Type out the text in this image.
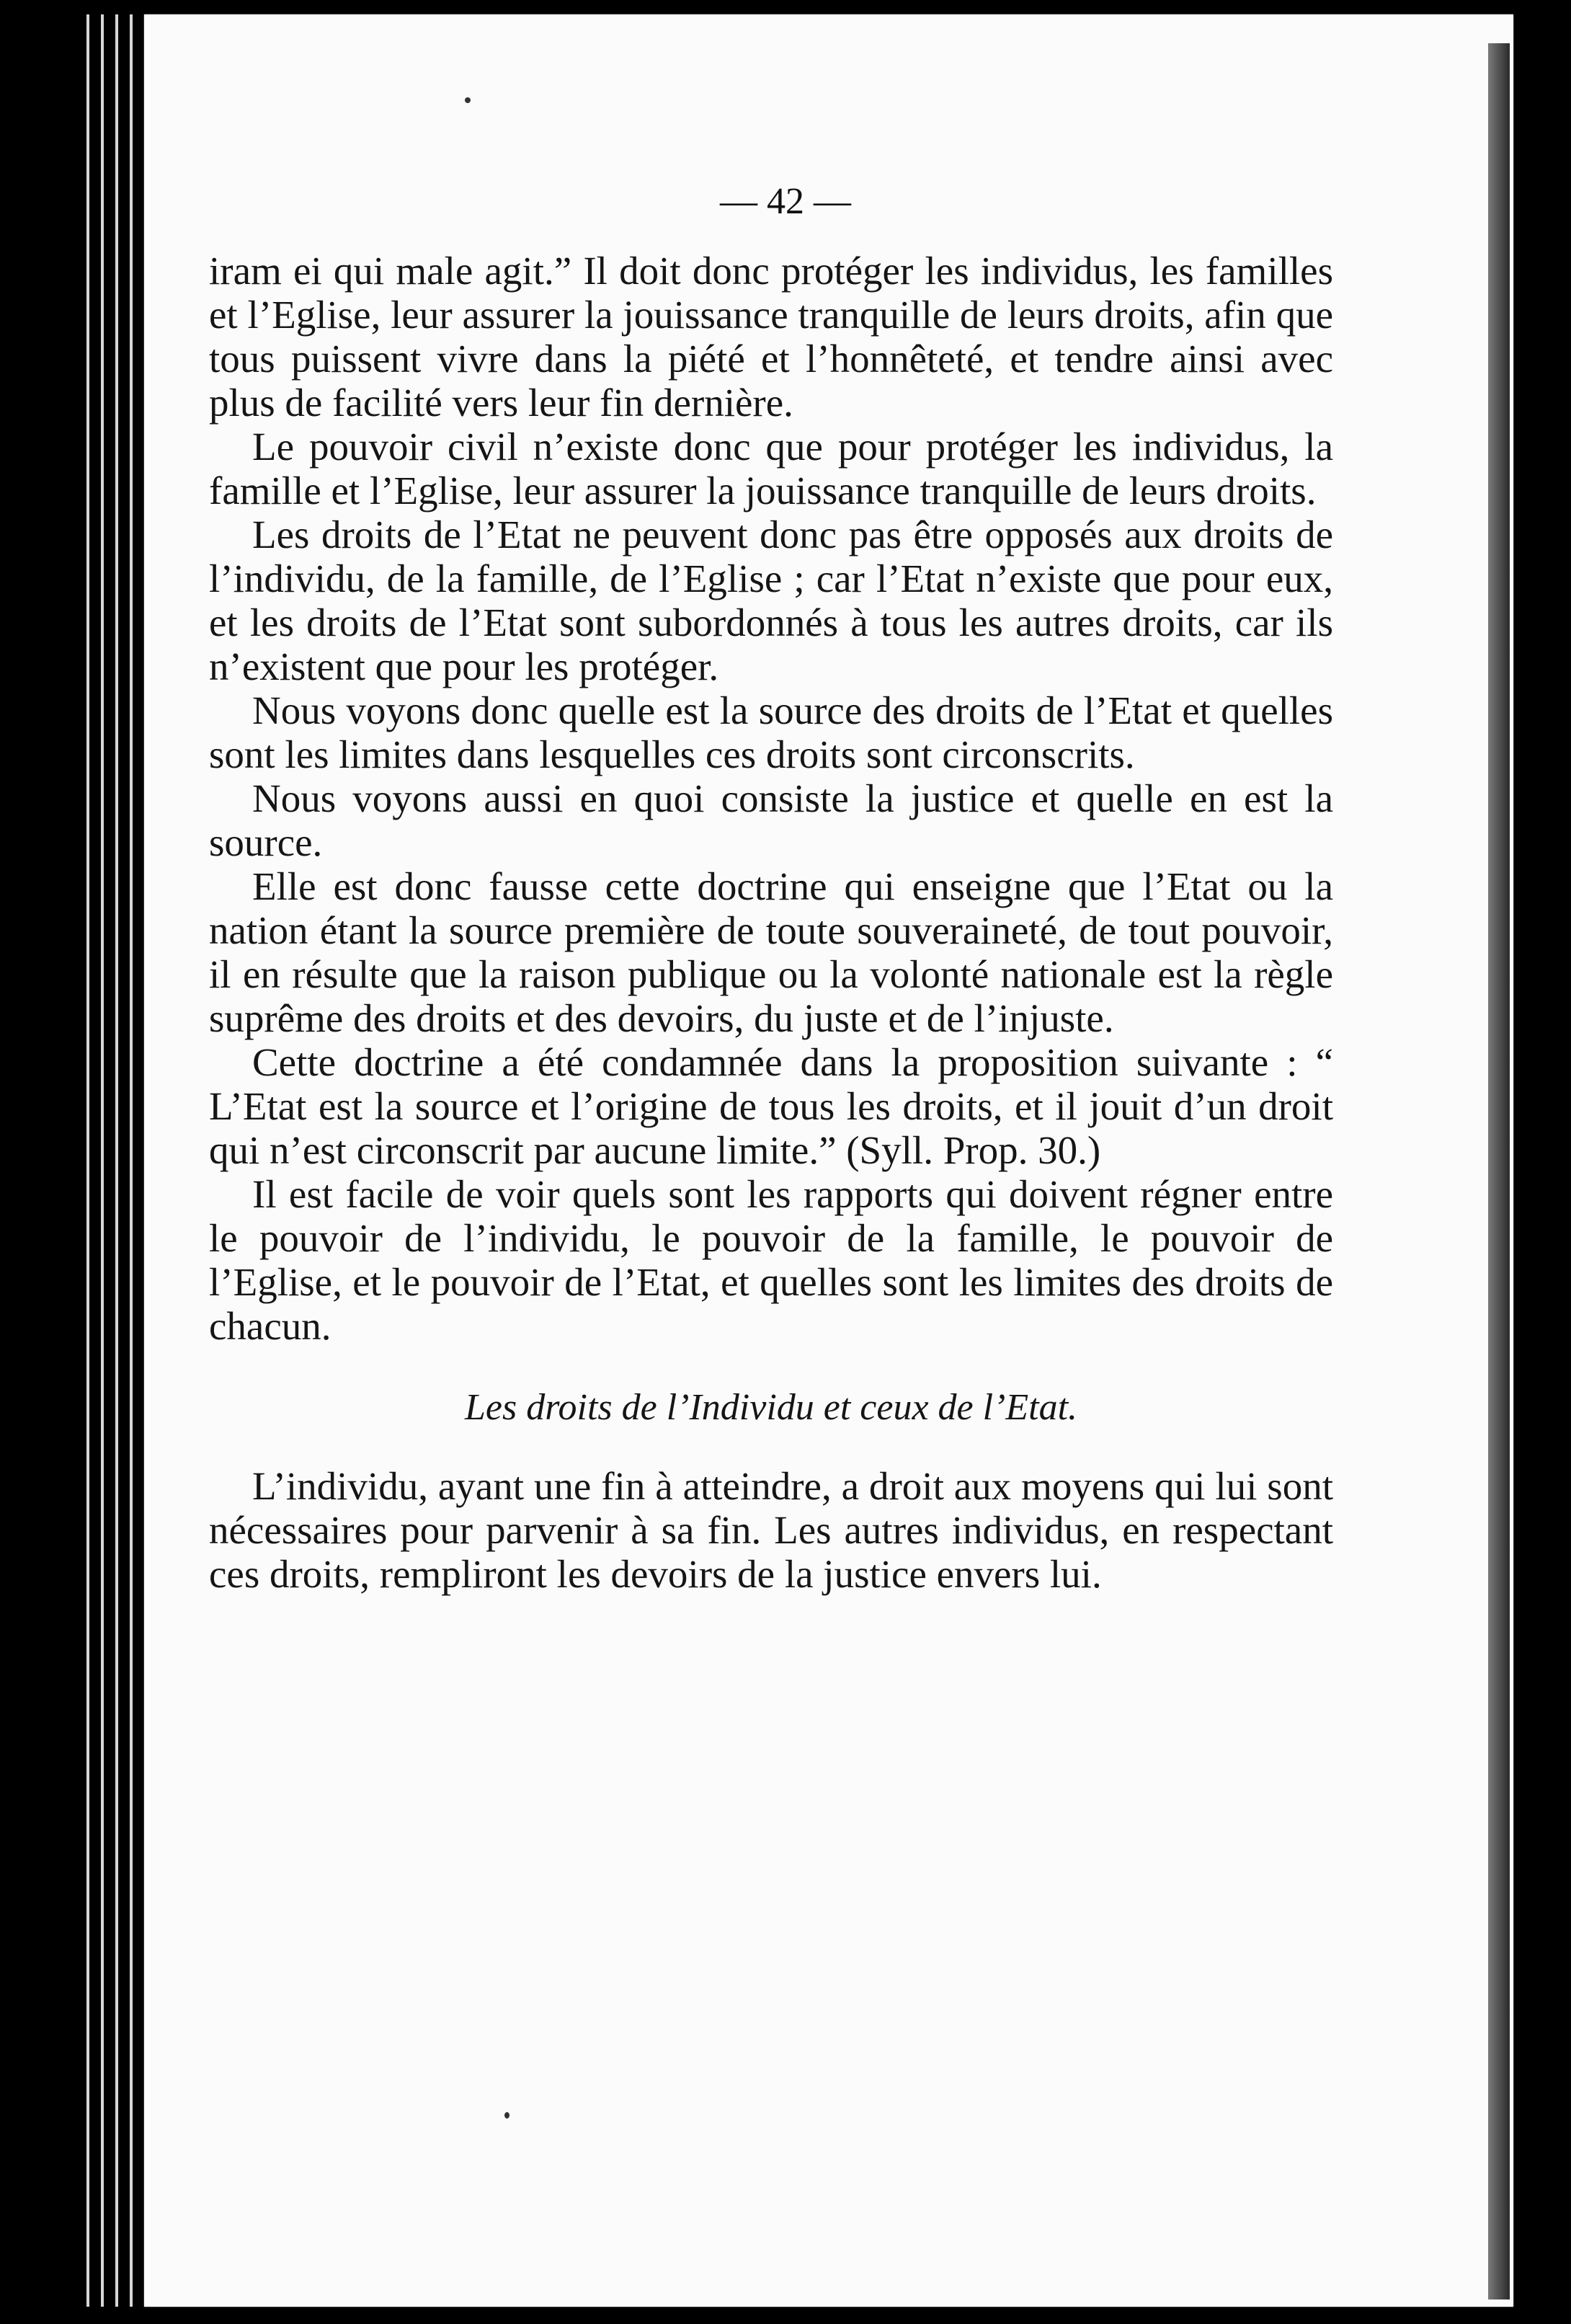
— 42 —

iram ei qui male agit.” Il doit donc protéger les individus, les familles et l’Eglise, leur assurer la jouissance tranquille de leurs droits, afin que tous puissent vivre dans la piété et l’honnêteté, et tendre ainsi avec plus de facilité vers leur fin dernière.

Le pouvoir civil n’existe donc que pour protéger les individus, la famille et l’Eglise, leur assurer la jouissance tranquille de leurs droits.

Les droits de l’Etat ne peuvent donc pas être opposés aux droits de l’individu, de la famille, de l’Eglise ; car l’Etat n’existe que pour eux, et les droits de l’Etat sont subordonnés à tous les autres droits, car ils n’existent que pour les protéger.

Nous voyons donc quelle est la source des droits de l’Etat et quelles sont les limites dans lesquelles ces droits sont circonscrits.

Nous voyons aussi en quoi consiste la justice et quelle en est la source.

Elle est donc fausse cette doctrine qui enseigne que l’Etat ou la nation étant la source première de toute souveraineté, de tout pouvoir, il en résulte que la raison publique ou la volonté nationale est la règle suprême des droits et des devoirs, du juste et de l’injuste.

Cette doctrine a été condamnée dans la proposition suivante : “ L’Etat est la source et l’origine de tous les droits, et il jouit d’un droit qui n’est circonscrit par aucune limite.” (Syll. Prop. 30.)

Il est facile de voir quels sont les rapports qui doivent régner entre le pouvoir de l’individu, le pouvoir de la famille, le pouvoir de l’Eglise, et le pouvoir de l’Etat, et quelles sont les limites des droits de chacun.

Les droits de l’Individu et ceux de l’Etat.

L’individu, ayant une fin à atteindre, a droit aux moyens qui lui sont nécessaires pour parvenir à sa fin. Les autres individus, en respectant ces droits, rempliront les devoirs de la justice envers lui.
